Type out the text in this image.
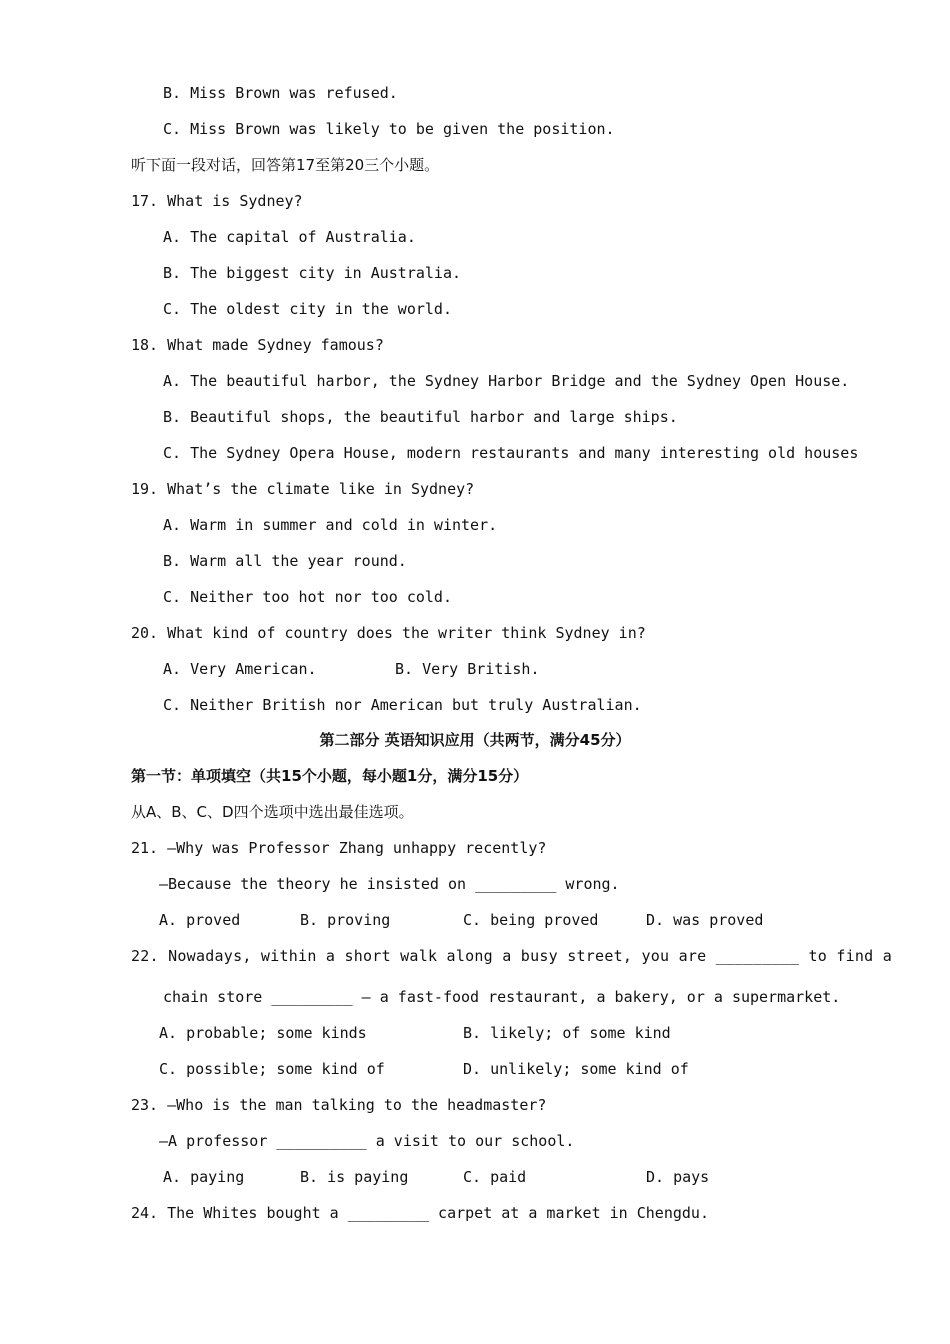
B. Miss Brown was refused.
C. Miss Brown was likely to be given the position.
听下面一段对话，回答第17至第20三个小题。
17. What is Sydney?
A. The capital of Australia.
B. The biggest city in Australia.
C. The oldest city in the world.
18. What made Sydney famous?
A. The beautiful harbor, the Sydney Harbor Bridge and the Sydney Open House.
B. Beautiful shops, the beautiful harbor and large ships.
C. The Sydney Opera House, modern restaurants and many interesting old houses
19. What’s the climate like in Sydney?
A. Warm in summer and cold in winter.
B. Warm all the year round.
C. Neither too hot nor too cold.
20. What kind of country does the writer think Sydney in?
A. Very American.	B. Very British.
C. Neither British nor American but truly Australian.
第二部分 英语知识应用（共两节，满分45分）
第一节：单项填空（共15个小题，每小题1分，满分15分）
从A、B、C、D四个选项中选出最佳选项。
21. —Why was Professor Zhang unhappy recently?
—Because the theory he insisted on _________ wrong.
A. proved	B. proving	C. being proved	D. was proved
22. Nowadays, within a short walk along a busy street, you are _________ to find a
chain store _________ — a fast-food restaurant, a bakery, or a supermarket.
A. probable; some kinds	B. likely; of some kind
C. possible; some kind of	D. unlikely; some kind of
23. —Who is the man talking to the headmaster?
—A professor __________ a visit to our school.
A. paying	B. is paying	C. paid	D. pays
24. The Whites bought a _________ carpet at a market in Chengdu.
